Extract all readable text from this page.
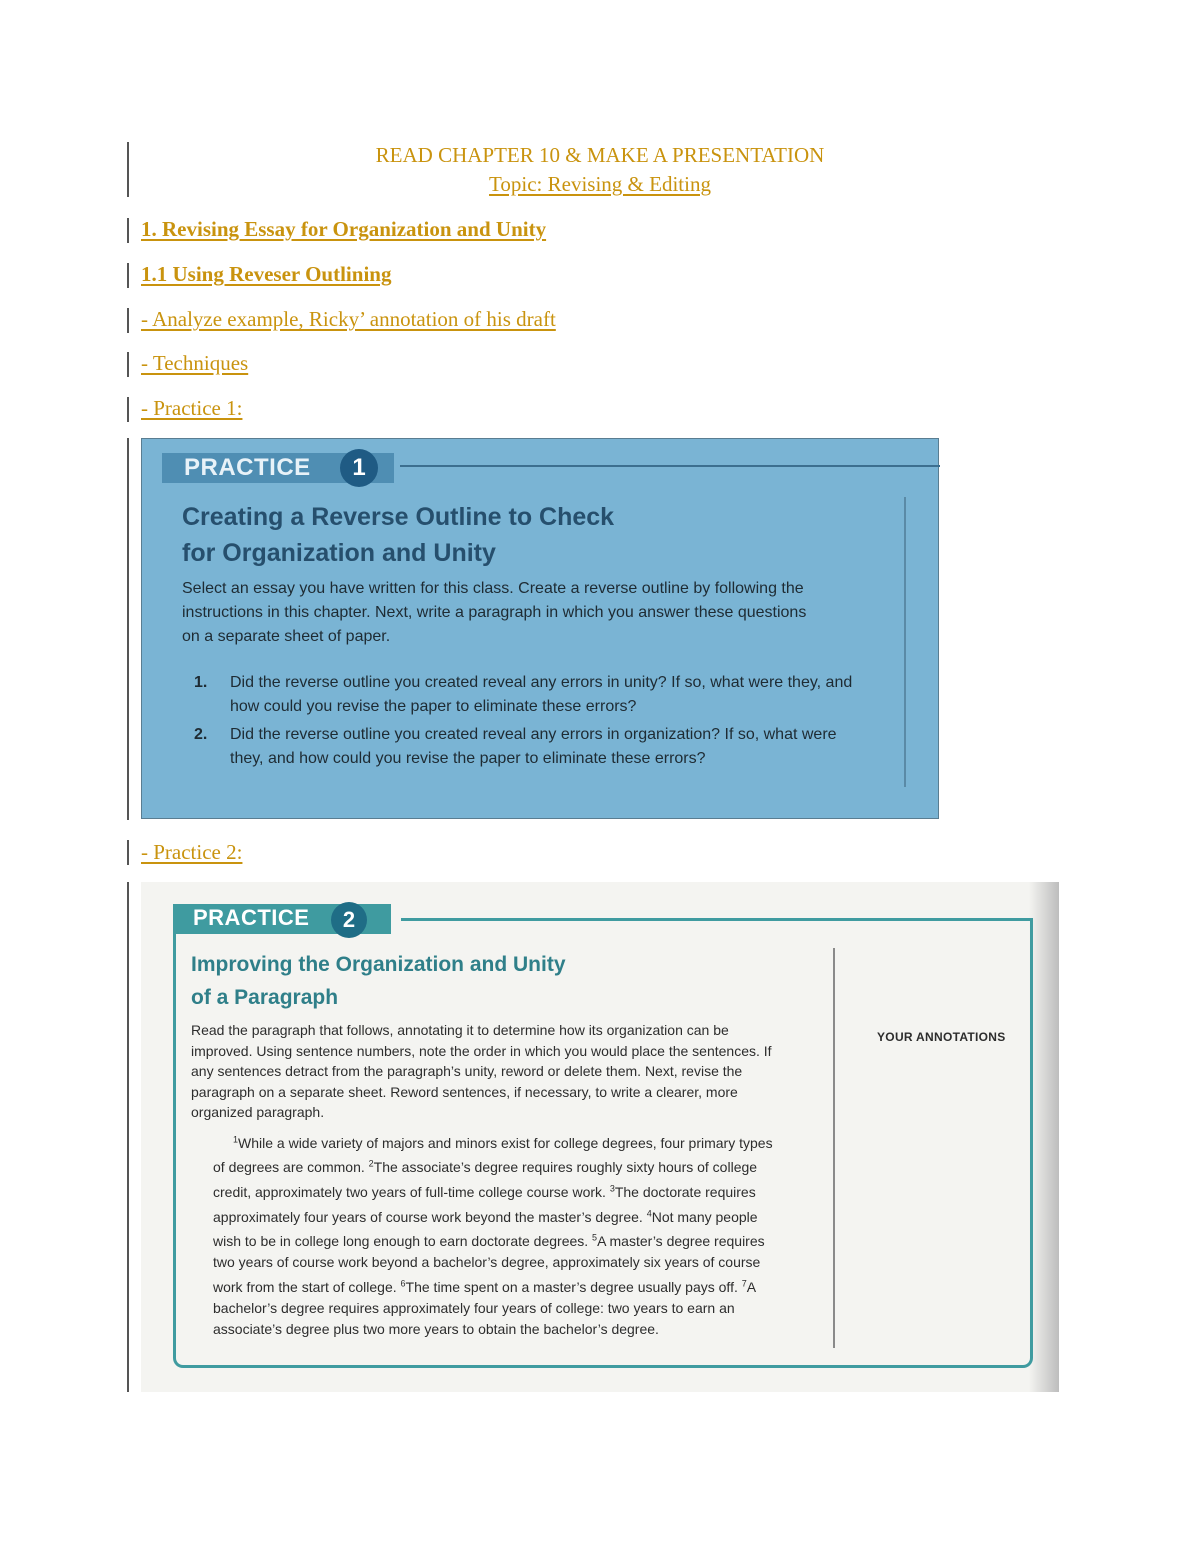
READ CHAPTER 10 & MAKE A PRESENTATION
Topic: Revising & Editing
1. Revising Essay for Organization and Unity
1.1 Using Reveser Outlining
- Analyze example, Ricky’ annotation of his draft
- Techniques
- Practice 1:
PRACTICE	1
Creating a Reverse Outline to Check
for Organization and Unity
Select an essay you have written for this class. Create a reverse outline by following the instructions in this chapter. Next, write a paragraph in which you answer these questions on a separate sheet of paper.
1. Did the reverse outline you created reveal any errors in unity? If so, what were they, and how could you revise the paper to eliminate these errors?
2. Did the reverse outline you created reveal any errors in organization? If so, what were they, and how could you revise the paper to eliminate these errors?
- Practice 2:
PRACTICE	2
Improving the Organization and Unity
of a Paragraph
YOUR ANNOTATIONS
Read the paragraph that follows, annotating it to determine how its organization can be improved. Using sentence numbers, note the order in which you would place the sentences. If any sentences detract from the paragraph’s unity, reword or delete them. Next, revise the paragraph on a separate sheet. Reword sentences, if necessary, to write a clearer, more organized paragraph.
$^1$While a wide variety of majors and minors exist for college degrees, four primary types of degrees are common. $^2$The associate’s degree requires roughly sixty hours of college credit, approximately two years of full-time college course work. $^3$The doctorate requires approximately four years of course work beyond the master’s degree. $^4$Not many people wish to be in college long enough to earn doctorate degrees. $^5$A master’s degree requires two years of course work beyond a bachelor’s degree, approximately six years of course work from the start of college. $^6$The time spent on a master’s degree usually pays off. $^7$A bachelor’s degree requires approximately four years of college: two years to earn an associate’s degree plus two more years to obtain the bachelor’s degree.
